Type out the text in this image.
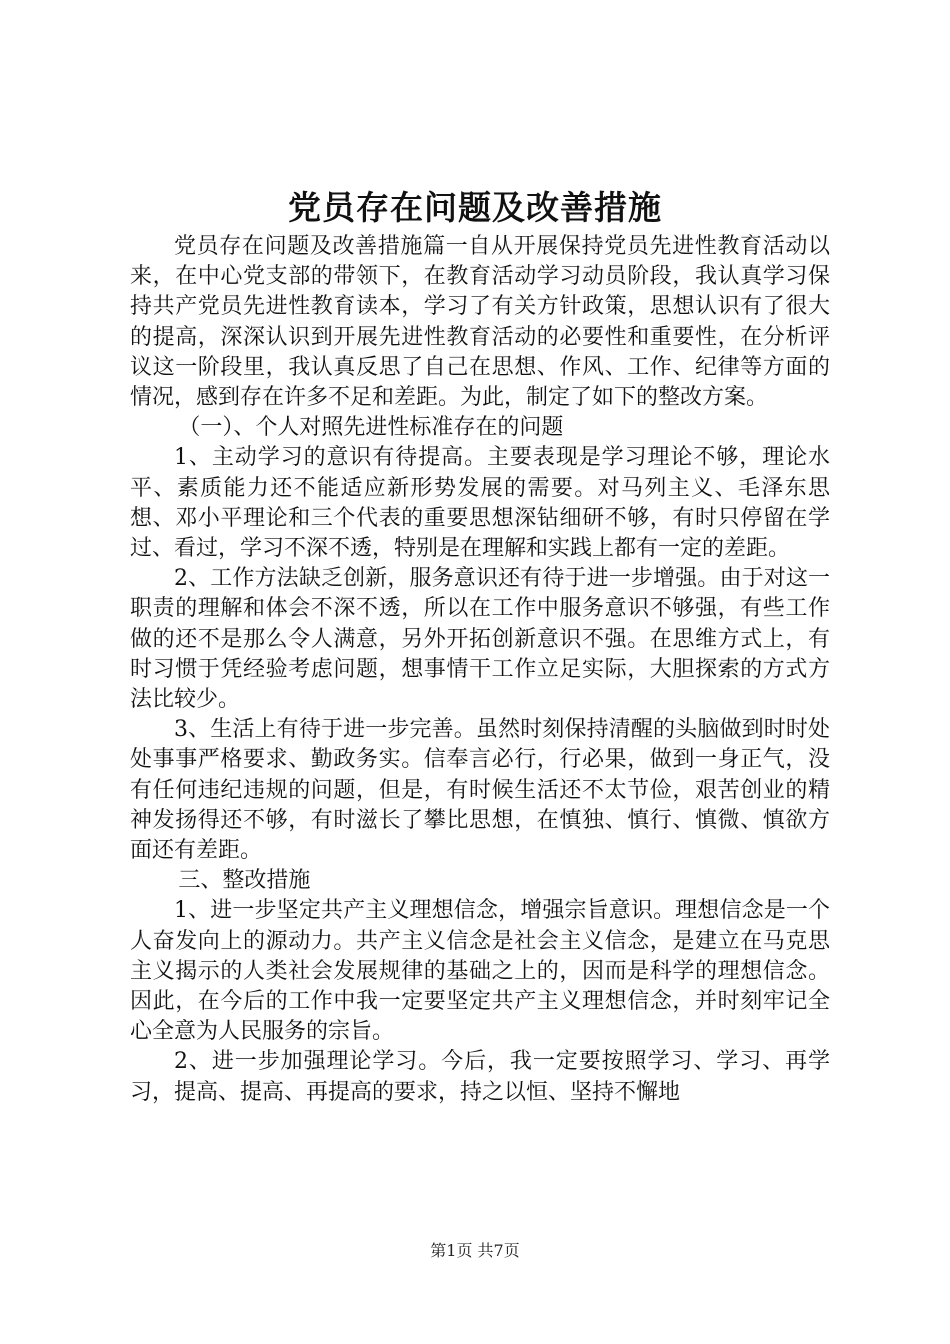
党员存在问题及改善措施

党员存在问题及改善措施篇一自从开展保持党员先进性教育活动以来，在中心党支部的带领下，在教育活动学习动员阶段，我认真学习保持共产党员先进性教育读本，学习了有关方针政策，思想认识有了很大的提高，深深认识到开展先进性教育活动的必要性和重要性，在分析评议这一阶段里，我认真反思了自己在思想、作风、工作、纪律等方面的情况，感到存在许多不足和差距。为此，制定了如下的整改方案。

（一）、个人对照先进性标准存在的问题

1、主动学习的意识有待提高。主要表现是学习理论不够，理论水平、素质能力还不能适应新形势发展的需要。对马列主义、毛泽东思想、邓小平理论和三个代表的重要思想深钻细研不够，有时只停留在学过、看过，学习不深不透，特别是在理解和实践上都有一定的差距。

2、工作方法缺乏创新，服务意识还有待于进一步增强。由于对这一职责的理解和体会不深不透，所以在工作中服务意识不够强，有些工作做的还不是那么令人满意，另外开拓创新意识不强。在思维方式上，有时习惯于凭经验考虑问题，想事情干工作立足实际，大胆探索的方式方法比较少。

3、生活上有待于进一步完善。虽然时刻保持清醒的头脑做到时时处处事事严格要求、勤政务实。信奉言必行，行必果，做到一身正气，没有任何违纪违规的问题，但是，有时候生活还不太节俭，艰苦创业的精神发扬得还不够，有时滋长了攀比思想，在慎独、慎行、慎微、慎欲方面还有差距。

三、整改措施

1、进一步坚定共产主义理想信念，增强宗旨意识。理想信念是一个人奋发向上的源动力。共产主义信念是社会主义信念，是建立在马克思主义揭示的人类社会发展规律的基础之上的，因而是科学的理想信念。因此，在今后的工作中我一定要坚定共产主义理想信念，并时刻牢记全心全意为人民服务的宗旨。

2、进一步加强理论学习。今后，我一定要按照学习、学习、再学习，提高、提高、再提高的要求，持之以恒、坚持不懈地

第1页 共7页
